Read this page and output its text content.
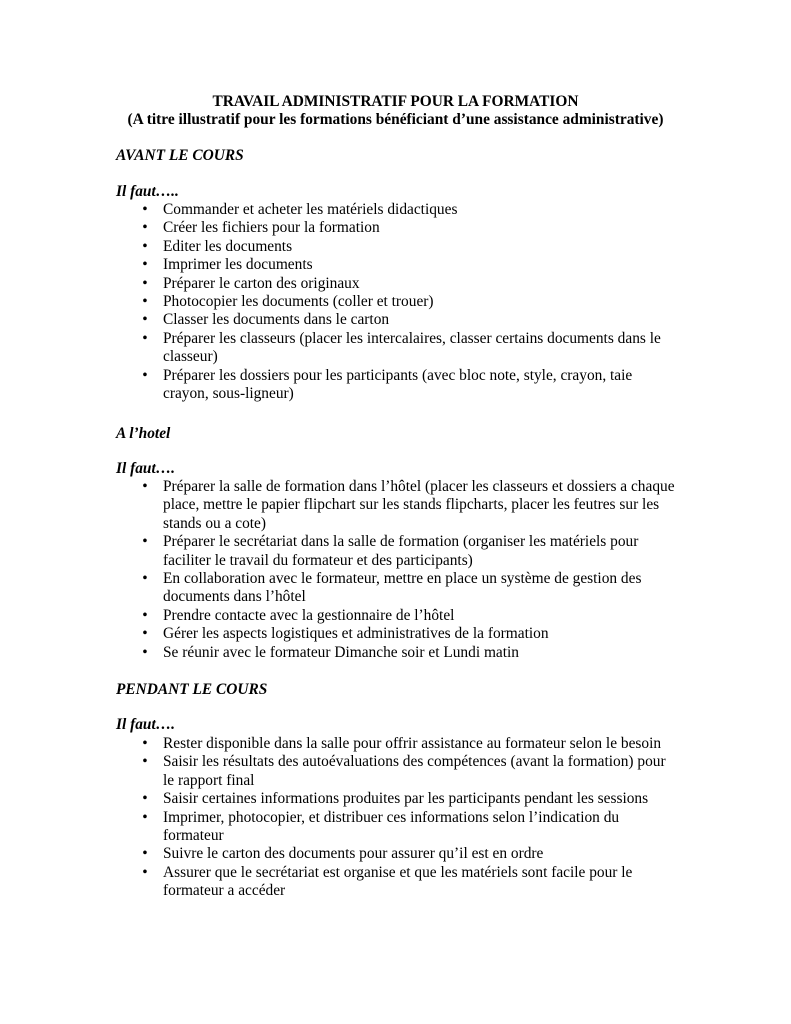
TRAVAIL ADMINISTRATIF POUR LA FORMATION
(A titre illustratif pour les formations bénéficiant d’une assistance administrative)
AVANT LE COURS
Il faut…..
• Commander et acheter les matériels didactiques
• Créer les fichiers pour la formation
• Editer les documents
• Imprimer les documents
• Préparer le carton des originaux
• Photocopier les documents (coller et trouer)
• Classer les documents dans le carton
• Préparer les classeurs (placer les intercalaires, classer certains documents dans le classeur)
• Préparer les dossiers pour les participants (avec bloc note, style, crayon, taie crayon, sous-ligneur)
A l’hotel
Il faut….
• Préparer la salle de formation dans l’hôtel (placer les classeurs et dossiers a chaque place, mettre le papier flipchart sur les stands flipcharts, placer les feutres sur les stands ou a cote)
• Préparer le secrétariat dans la salle de formation (organiser les matériels pour faciliter le travail du formateur et des participants)
• En collaboration avec le formateur, mettre en place un système de gestion des documents dans l’hôtel
• Prendre contacte avec la gestionnaire de l’hôtel
• Gérer les aspects logistiques et administratives de la formation
• Se réunir avec le formateur Dimanche soir et Lundi matin
PENDANT LE COURS
Il faut….
• Rester disponible dans la salle pour offrir assistance au formateur selon le besoin
• Saisir les résultats des autoévaluations des compétences (avant la formation) pour le rapport final
• Saisir certaines informations produites par les participants pendant les sessions
• Imprimer, photocopier, et distribuer ces informations selon l’indication du formateur
• Suivre le carton des documents pour assurer qu’il est en ordre
• Assurer que le secrétariat est organise et que les matériels sont facile pour le formateur a accéder
